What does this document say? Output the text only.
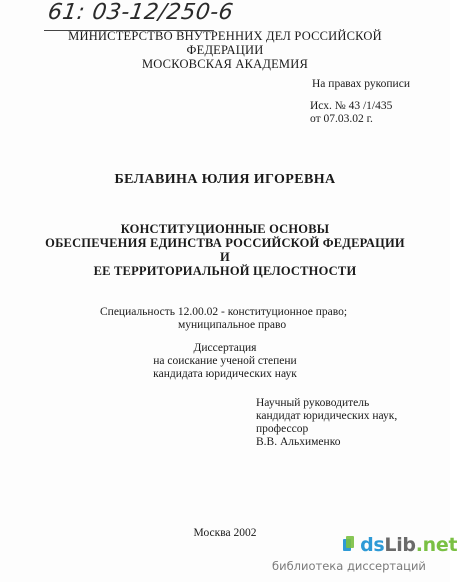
61: 03-12/250-6
МИНИСТЕРСТВО ВНУТРЕННИХ ДЕЛ РОССИЙСКОЙ ФЕДЕРАЦИИ
МОСКОВСКАЯ АКАДЕМИЯ
На правах рукописи
Исх. № 43 /1/435
от 07.03.02 г.
БЕЛАВИНА ЮЛИЯ ИГОРЕВНА
КОНСТИТУЦИОННЫЕ ОСНОВЫ
ОБЕСПЕЧЕНИЯ ЕДИНСТВА РОССИЙСКОЙ ФЕДЕРАЦИИ И
ЕЕ ТЕРРИТОРИАЛЬНОЙ ЦЕЛОСТНОСТИ
Специальность 12.00.02 - конституционное право;
муниципальное право
Диссертация
на соискание ученой степени
кандидата юридических наук
Научный руководитель
кандидат юридических наук,
профессор
В.В. Альхименко
Москва 2002
dsLib.net
библиотека диссертаций
